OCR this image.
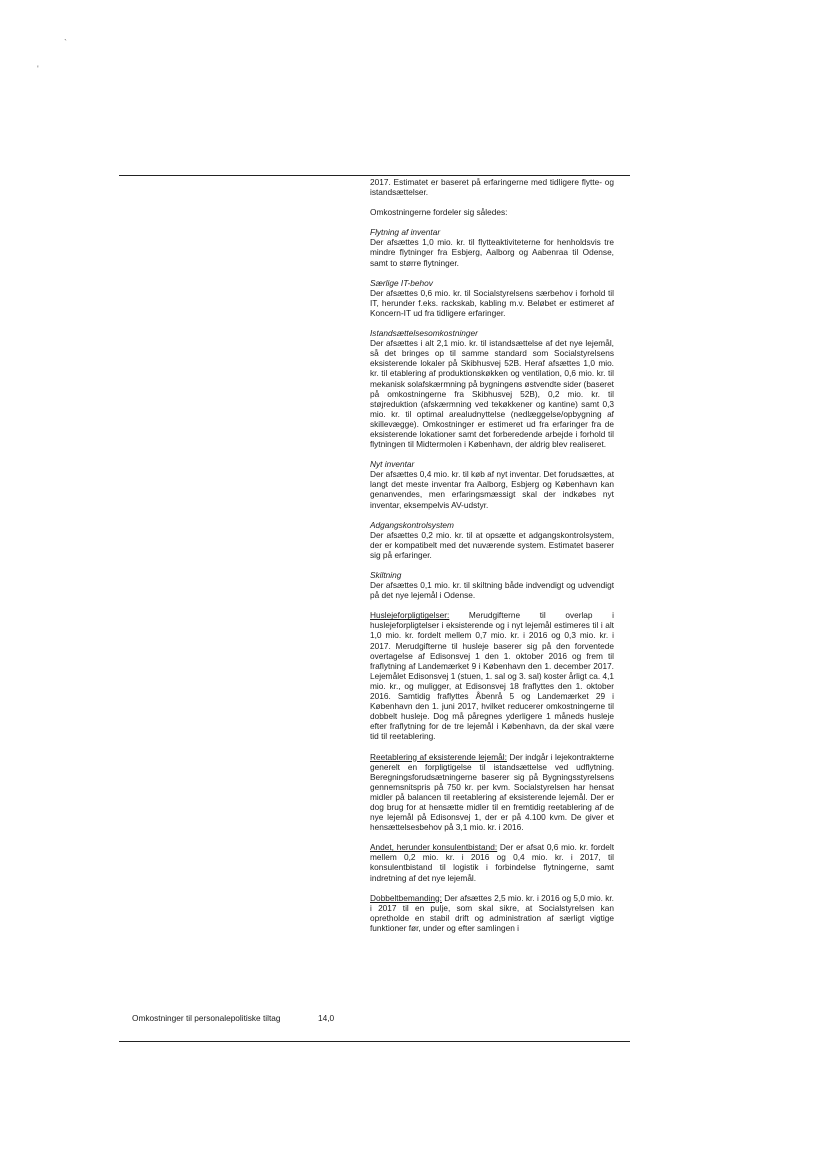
`
'

2017. Estimatet er baseret på erfaringerne med tidligere flytte- og istandsættelser.

Omkostningerne fordeler sig således:

Flytning af inventar
Der afsættes 1,0 mio. kr. til flytteaktiviteterne for henholdsvis tre mindre flytninger fra Esbjerg, Aalborg og Aabenraa til Odense, samt to større flytninger.

Særlige IT-behov
Der afsættes 0,6 mio. kr. til Socialstyrelsens særbehov i forhold til IT, herunder f.eks. rackskab, kabling m.v. Beløbet er estimeret af Koncern-IT ud fra tidligere erfaringer.

Istandsættelsesomkostninger
Der afsættes i alt 2,1 mio. kr. til istandsættelse af det nye lejemål, så det bringes op til samme standard som Socialstyrelsens eksisterende lokaler på Skibhusvej 52B. Heraf afsættes 1,0 mio. kr. til etablering af produktionskøkken og ventilation, 0,6 mio. kr. til mekanisk solafskærmning på bygningens østvendte sider (baseret på omkostningerne fra Skibhusvej 52B), 0,2 mio. kr. til støjreduktion (afskærmning ved tekøkkener og kantine) samt 0,3 mio. kr. til optimal arealudnyttelse (nedlæggelse/opbygning af skillevægge). Omkostninger er estimeret ud fra erfaringer fra de eksisterende lokationer samt det forberedende arbejde i forhold til flytningen til Midtermolen i København, der aldrig blev realiseret.

Nyt inventar
Der afsættes 0,4 mio. kr. til køb af nyt inventar. Det forudsættes, at langt det meste inventar fra Aalborg, Esbjerg og København kan genanvendes, men erfaringsmæssigt skal der indkøbes nyt inventar, eksempelvis AV-udstyr.

Adgangskontrolsystem
Der afsættes 0,2 mio. kr. til at opsætte et adgangskontrolsystem, der er kompatibelt med det nuværende system. Estimatet baserer sig på erfaringer.

Skiltning
Der afsættes 0,1 mio. kr. til skiltning både indvendigt og udvendigt på det nye lejemål i Odense.

Huslejeforpligtigelser: Merudgifterne til overlap i huslejeforpligtelser i eksisterende og i nyt lejemål estimeres til i alt 1,0 mio. kr. fordelt mellem 0,7 mio. kr. i 2016 og 0,3 mio. kr. i 2017. Merudgifterne til husleje baserer sig på den forventede overtagelse af Edisonsvej 1 den 1. oktober 2016 og frem til fraflytning af Landemærket 9 i København den 1. december 2017. Lejemålet Edisonsvej 1 (stuen, 1. sal og 3. sal) koster årligt ca. 4,1 mio. kr., og muligger, at Edisonsvej 18 fraflyttes den 1. oktober 2016. Samtidig fraflyttes Åbenrå 5 og Landemærket 29 i København den 1. juni 2017, hvilket reducerer omkostningerne til dobbelt husleje. Dog må påregnes yderligere 1 måneds husleje efter fraflytning for de tre lejemål i København, da der skal være tid til reetablering.

Reetablering af eksisterende lejemål: Der indgår i lejekontrakterne generelt en forpligtigelse til istandsættelse ved udflytning. Beregningsforudsætningerne baserer sig på Bygningsstyrelsens gennemsnitspris på 750 kr. per kvm. Socialstyrelsen har hensat midler på balancen til reetablering af eksisterende lejemål. Der er dog brug for at hensætte midler til en fremtidig reetablering af de nye lejemål på Edisonsvej 1, der er på 4.100 kvm. De giver et hensættelsesbehov på 3,1 mio. kr. i 2016.

Andet, herunder konsulentbistand: Der er afsat 0,6 mio. kr. fordelt mellem 0,2 mio. kr. i 2016 og 0,4 mio. kr. i 2017, til konsulentbistand til logistik i forbindelse flytningerne, samt indretning af det nye lejemål.

Dobbeltbemanding: Der afsættes 2,5 mio. kr. i 2016 og 5,0 mio. kr. i 2017 til en pulje, som skal sikre, at Socialstyrelsen kan opretholde en stabil drift og administration af særligt vigtige funktioner før, under og efter samlingen i

Omkostninger til personalepolitiske tiltag	14,0
